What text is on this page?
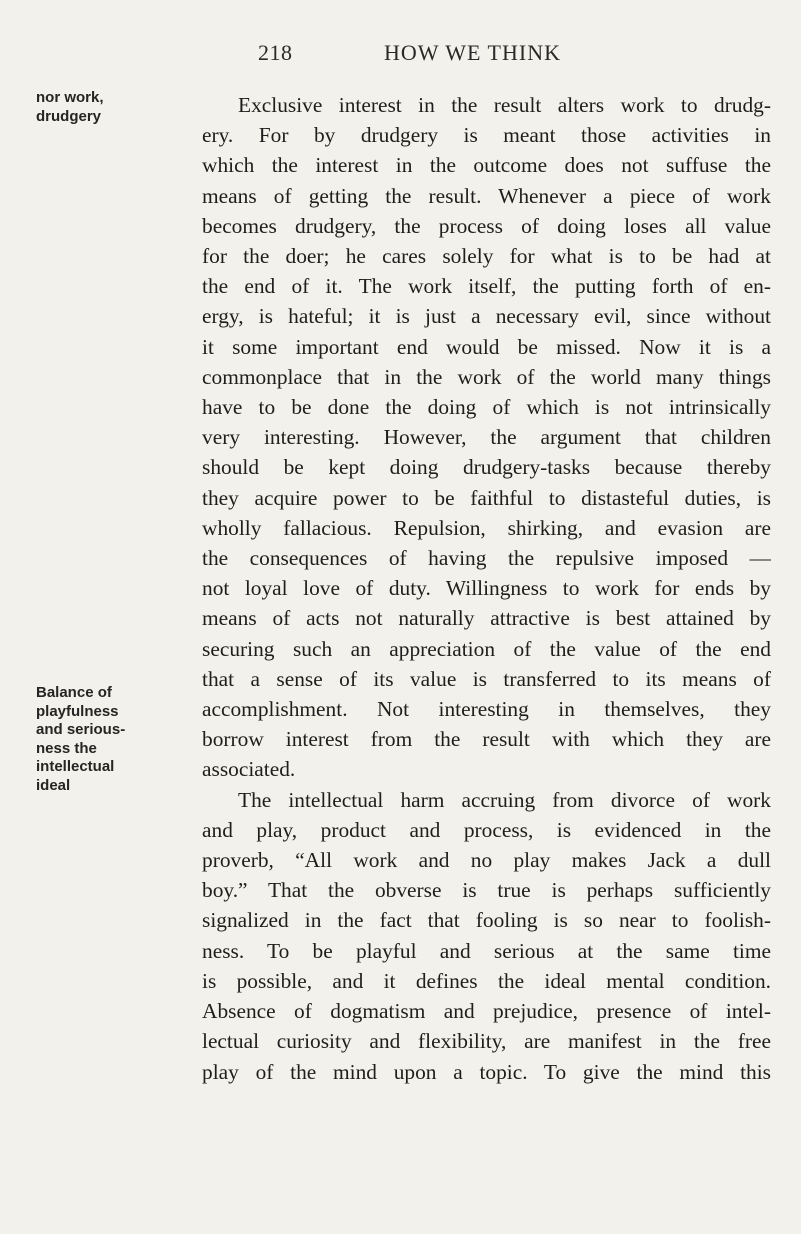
218	HOW WE THINK
nor work,
drudgery
Balance of
playfulness
and serious-
ness the
intellectual
ideal
Exclusive interest in the result alters work to drudg-
ery. For by drudgery is meant those activities in
which the interest in the outcome does not suffuse the
means of getting the result. Whenever a piece of work
becomes drudgery, the process of doing loses all value
for the doer; he cares solely for what is to be had at
the end of it. The work itself, the putting forth of en-
ergy, is hateful; it is just a necessary evil, since without
it some important end would be missed. Now it is a
commonplace that in the work of the world many things
have to be done the doing of which is not intrinsically
very interesting. However, the argument that children
should be kept doing drudgery-tasks because thereby
they acquire power to be faithful to distasteful duties, is
wholly fallacious. Repulsion, shirking, and evasion are
the consequences of having the repulsive imposed —
not loyal love of duty. Willingness to work for ends by
means of acts not naturally attractive is best attained by
securing such an appreciation of the value of the end
that a sense of its value is transferred to its means of
accomplishment. Not interesting in themselves, they
borrow interest from the result with which they are
associated.
The intellectual harm accruing from divorce of work
and play, product and process, is evidenced in the
proverb, “All work and no play makes Jack a dull
boy.” That the obverse is true is perhaps sufficiently
signalized in the fact that fooling is so near to foolish-
ness. To be playful and serious at the same time
is possible, and it defines the ideal mental condition.
Absence of dogmatism and prejudice, presence of intel-
lectual curiosity and flexibility, are manifest in the free
play of the mind upon a topic. To give the mind this
